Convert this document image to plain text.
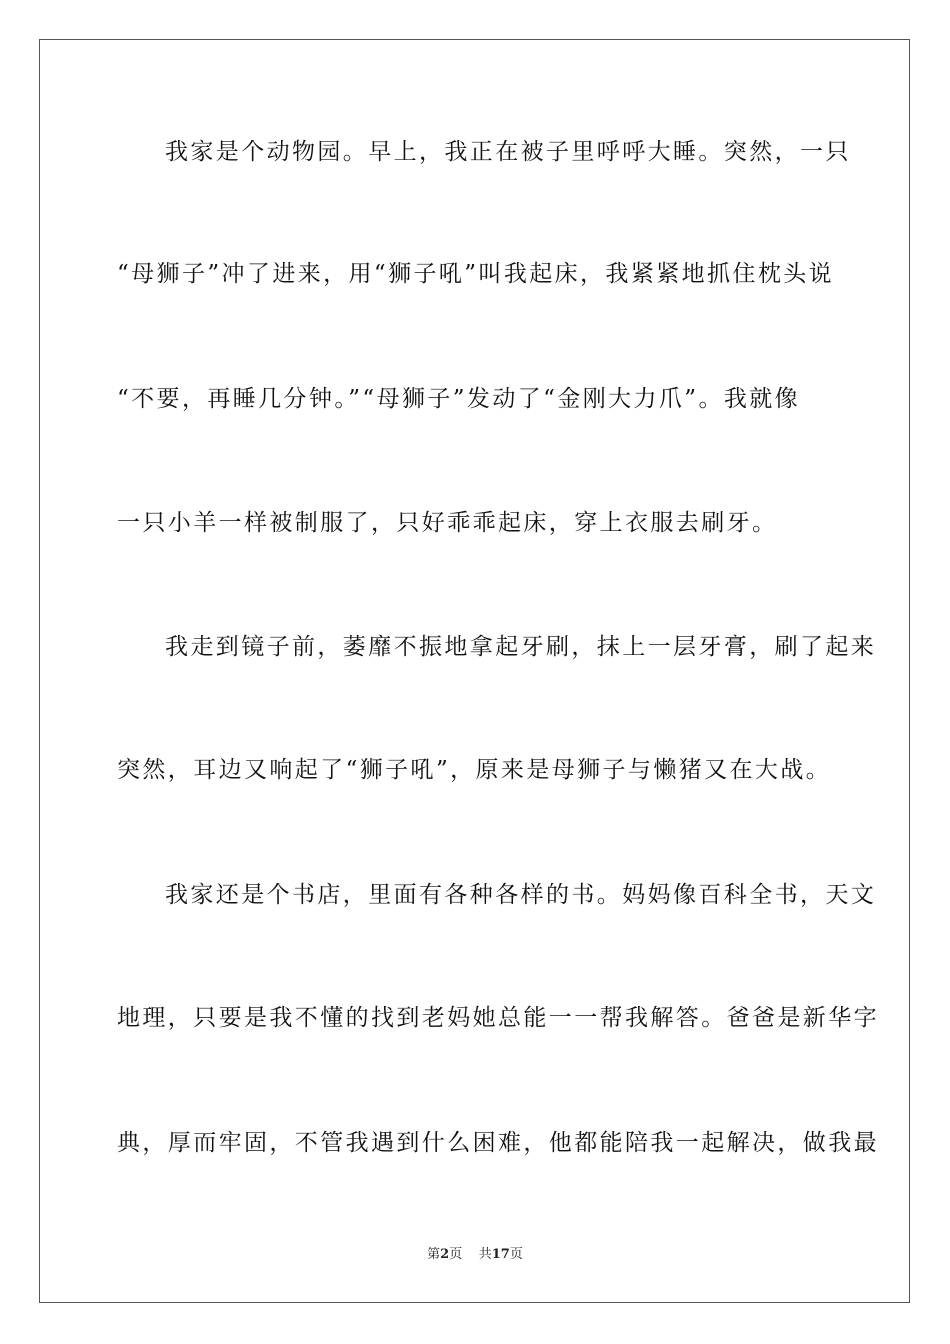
我家是个动物园。早上，我正在被子里呼呼大睡。突然，一只
“母狮子”冲了进来，用“狮子吼”叫我起床，我紧紧地抓住枕头说
“不要，再睡几分钟。”“母狮子”发动了“金刚大力爪”。我就像
一只小羊一样被制服了，只好乖乖起床，穿上衣服去刷牙。
我走到镜子前，萎靡不振地拿起牙刷，抹上一层牙膏，刷了起来
突然，耳边又响起了“狮子吼”，原来是母狮子与懒猪又在大战。
我家还是个书店，里面有各种各样的书。妈妈像百科全书，天文
地理，只要是我不懂的找到老妈她总能一一帮我解答。爸爸是新华字
典，厚而牢固，不管我遇到什么困难，他都能陪我一起解决，做我最
第2页 共17页
